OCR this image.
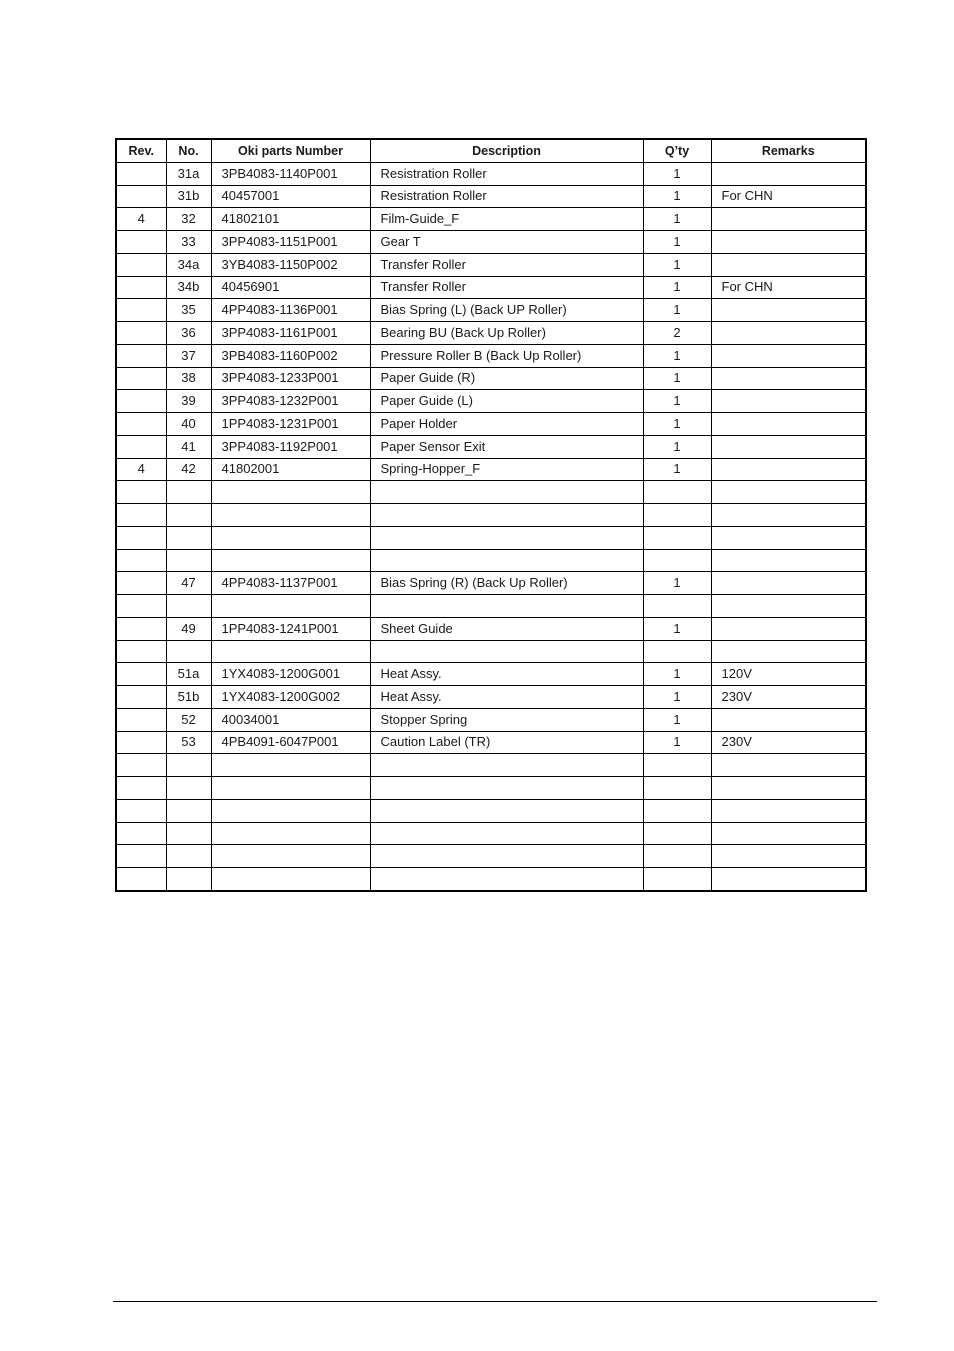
Rev.	No.	Oki parts Number	Description	Q’ty	Remarks
	31a	3PB4083-1140P001	Resistration Roller	1	
	31b	40457001	Resistration Roller	1	For CHN
4	32	41802101	Film-Guide_F	1	
	33	3PP4083-1151P001	Gear T	1	
	34a	3YB4083-1150P002	Transfer Roller	1	
	34b	40456901	Transfer Roller	1	For CHN
	35	4PP4083-1136P001	Bias Spring (L) (Back UP Roller)	1	
	36	3PP4083-1161P001	Bearing BU (Back Up Roller)	2	
	37	3PB4083-1160P002	Pressure Roller B (Back Up Roller)	1	
	38	3PP4083-1233P001	Paper Guide (R)	1	
	39	3PP4083-1232P001	Paper Guide (L)	1	
	40	1PP4083-1231P001	Paper Holder	1	
	41	3PP4083-1192P001	Paper Sensor Exit	1	
4	42	41802001	Spring-Hopper_F	1	

	47	4PP4083-1137P001	Bias Spring (R) (Back Up Roller)	1	

	49	1PP4083-1241P001	Sheet Guide	1	

	51a	1YX4083-1200G001	Heat Assy.	1	120V
	51b	1YX4083-1200G002	Heat Assy.	1	230V
	52	40034001	Stopper Spring	1	
	53	4PB4091-6047P001	Caution Label (TR)	1	230V
